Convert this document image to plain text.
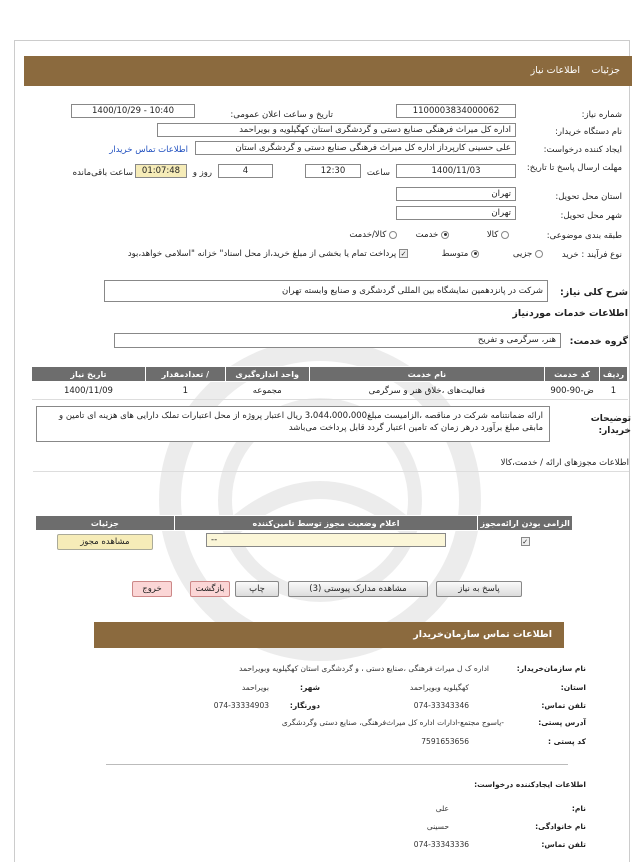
جزئیات
اطلاعات نیاز
شماره نیاز:
1100003834000062
تاریخ و ساعت اعلان عمومی:
1400/10/29 - 10:40
نام دستگاه خریدار:
اداره کل میراث فرهنگی صنایع دستی و گردشگری استان کهگیلویه و بویراحمد
ایجاد کننده درخواست:
علی حسینی کارپرداز اداره کل میراث فرهنگی صنایع دستی و گردشگری استان
اطلاعات تماس خریدار
مهلت ارسال پاسخ تا تاریخ:
1400/11/03
ساعت
12:30
4
روز و
01:07:48
ساعت باقی‌مانده
استان محل تحویل:
تهران
شهر محل تحویل:
تهران
طبقه بندی موضوعی:
کالا
خدمت
کالا/خدمت
نوع فرآیند : خرید
جزیی
متوسط
✓ پرداخت تمام یا بخشی از مبلغ خرید،از محل اسناد" خزانه "اسلامی خواهد،بود
شرح کلی نیاز:
شرکت در پانزدهمین نمایشگاه بین المللی گردشگری و صنایع وابسته تهران
اطلاعات خدمات موردنیاز
گروه خدمت:
هنر، سرگرمی و تفریح
ردیف	کد خدمت	نام خدمت	واحد اندازه‌گیری	/ تعداد‌مقدار	تاریخ نیاز
1	ض-90-900	فعالیت‌های ،خلاق هنر و سرگرمی	مجموعه	1	1400/11/09
توضیحات خریدار:
ارائه ضمانتنامه شرکت در مناقصه ،الزامیست مبلغ3،044،000،000 ریال اعتبار پروژه از محل اعتبارات تملک دارایی های هزینه ای تامین و مابقی مبلغ برآورد درهر زمان که تامین اعتبار گردد قابل پرداخت می‌باشد
اطلاعات مجوزهای ارائه / خدمت،کالا
الزامی بودن ارائه‌مجوز	اعلام وضعیت مجوز توسط تامین‌کننده	جزئیات
✓	--	مشاهده مجوز
پاسخ به نیاز
مشاهده مدارک پیوستی (3)
چاپ
بازگشت
خروج
اطلاعات تماس سازمان‌خریدار
نام سازمان‌خریدار:
اداره ک ل میراث فرهنگی ،صنایع دستی ، و گردشگری استان کهگیلویه وبویراحمد
استان:
کهگیلویه وبویراحمد
شهر:
بویراحمد
تلفن تماس:
074-33343346
دورنگار:
074-33334903
آدرس پستی:
-یاسوج مجتمع-ادارات اداره کل میراث‌فرهنگی، صنایع دستی وگردشگری
کد پستی :
7591653656
اطلاعات ایجادکننده درخواست:
نام:
علی
نام خانوادگی:
حسینی
تلفن تماس:
074-33343336
